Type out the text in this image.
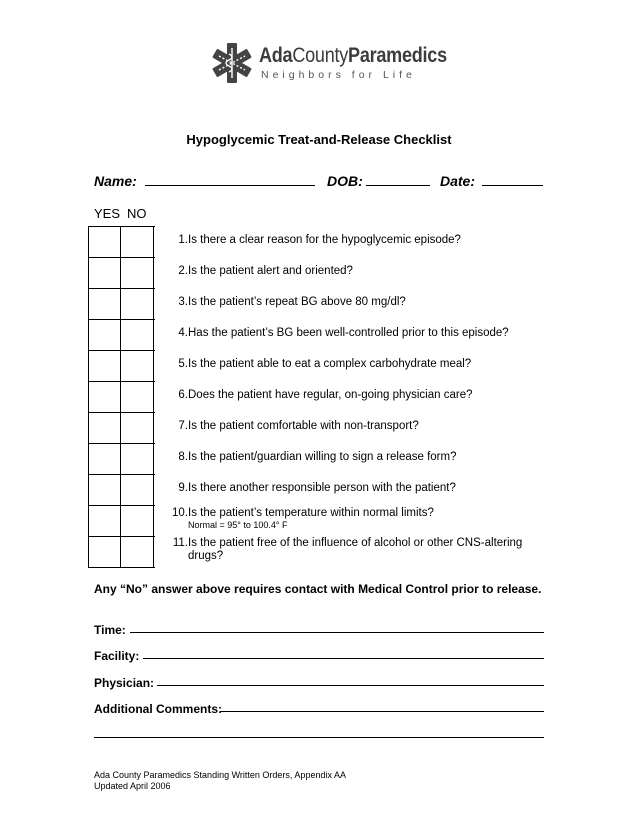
AdaCountyParamedics
Neighbors for Life
Hypoglycemic Treat-and-Release Checklist
Name:	DOB:	Date:
YES NO
1. Is there a clear reason for the hypoglycemic episode?
2. Is the patient alert and oriented?
3. Is the patient’s repeat BG above 80 mg/dl?
4. Has the patient’s BG been well-controlled prior to this episode?
5. Is the patient able to eat a complex carbohydrate meal?
6. Does the patient have regular, on-going physician care?
7. Is the patient comfortable with non-transport?
8. Is the patient/guardian willing to sign a release form?
9. Is there another responsible person with the patient?
10. Is the patient’s temperature within normal limits?
Normal = 95° to 100.4° F
11. Is the patient free of the influence of alcohol or other CNS-altering
drugs?
Any “No” answer above requires contact with Medical Control prior to release.
Time:
Facility:
Physician:
Additional Comments:
Ada County Paramedics Standing Written Orders, Appendix AA
Updated April 2006
